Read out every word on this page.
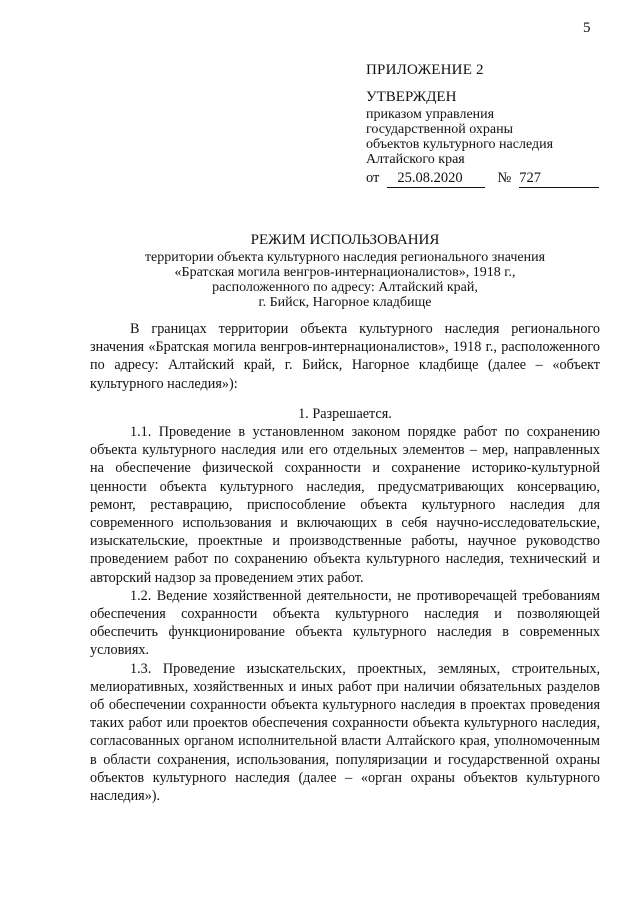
5
ПРИЛОЖЕНИЕ 2
УТВЕРЖДЕН
приказом управления
государственной охраны
объектов культурного наследия
Алтайского края
от	25.08.2020	№ 727
РЕЖИМ ИСПОЛЬЗОВАНИЯ
территории объекта культурного наследия регионального значения
«Братская могила венгров-интернационалистов», 1918 г.,
расположенного по адресу: Алтайский край,
г. Бийск, Нагорное кладбище

В границах территории объекта культурного наследия регионального значения «Братская могила венгров-интернационалистов», 1918 г., расположенного по адресу: Алтайский край, г. Бийск, Нагорное кладбище (далее – «объект культурного наследия»):

1. Разрешается.

1.1. Проведение в установленном законом порядке работ по сохранению объекта культурного наследия или его отдельных элементов – мер, направленных на обеспечение физической сохранности и сохранение историко-культурной ценности объекта культурного наследия, предусматривающих консервацию, ремонт, реставрацию, приспособление объекта культурного наследия для современного использования и включающих в себя научно-исследовательские, изыскательские, проектные и производственные работы, научное руководство проведением работ по сохранению объекта культурного наследия, технический и авторский надзор за проведением этих работ.

1.2. Ведение хозяйственной деятельности, не противоречащей требованиям обеспечения сохранности объекта культурного наследия и позволяющей обеспечить функционирование объекта культурного наследия в современных условиях.

1.3. Проведение изыскательских, проектных, земляных, строительных, мелиоративных, хозяйственных и иных работ при наличии обязательных разделов об обеспечении сохранности объекта культурного наследия в проектах проведения таких работ или проектов обеспечения сохранности объекта культурного наследия, согласованных органом исполнительной власти Алтайского края, уполномоченным в области сохранения, использования, популяризации и государственной охраны объектов культурного наследия (далее – «орган охраны объектов культурного наследия»).
